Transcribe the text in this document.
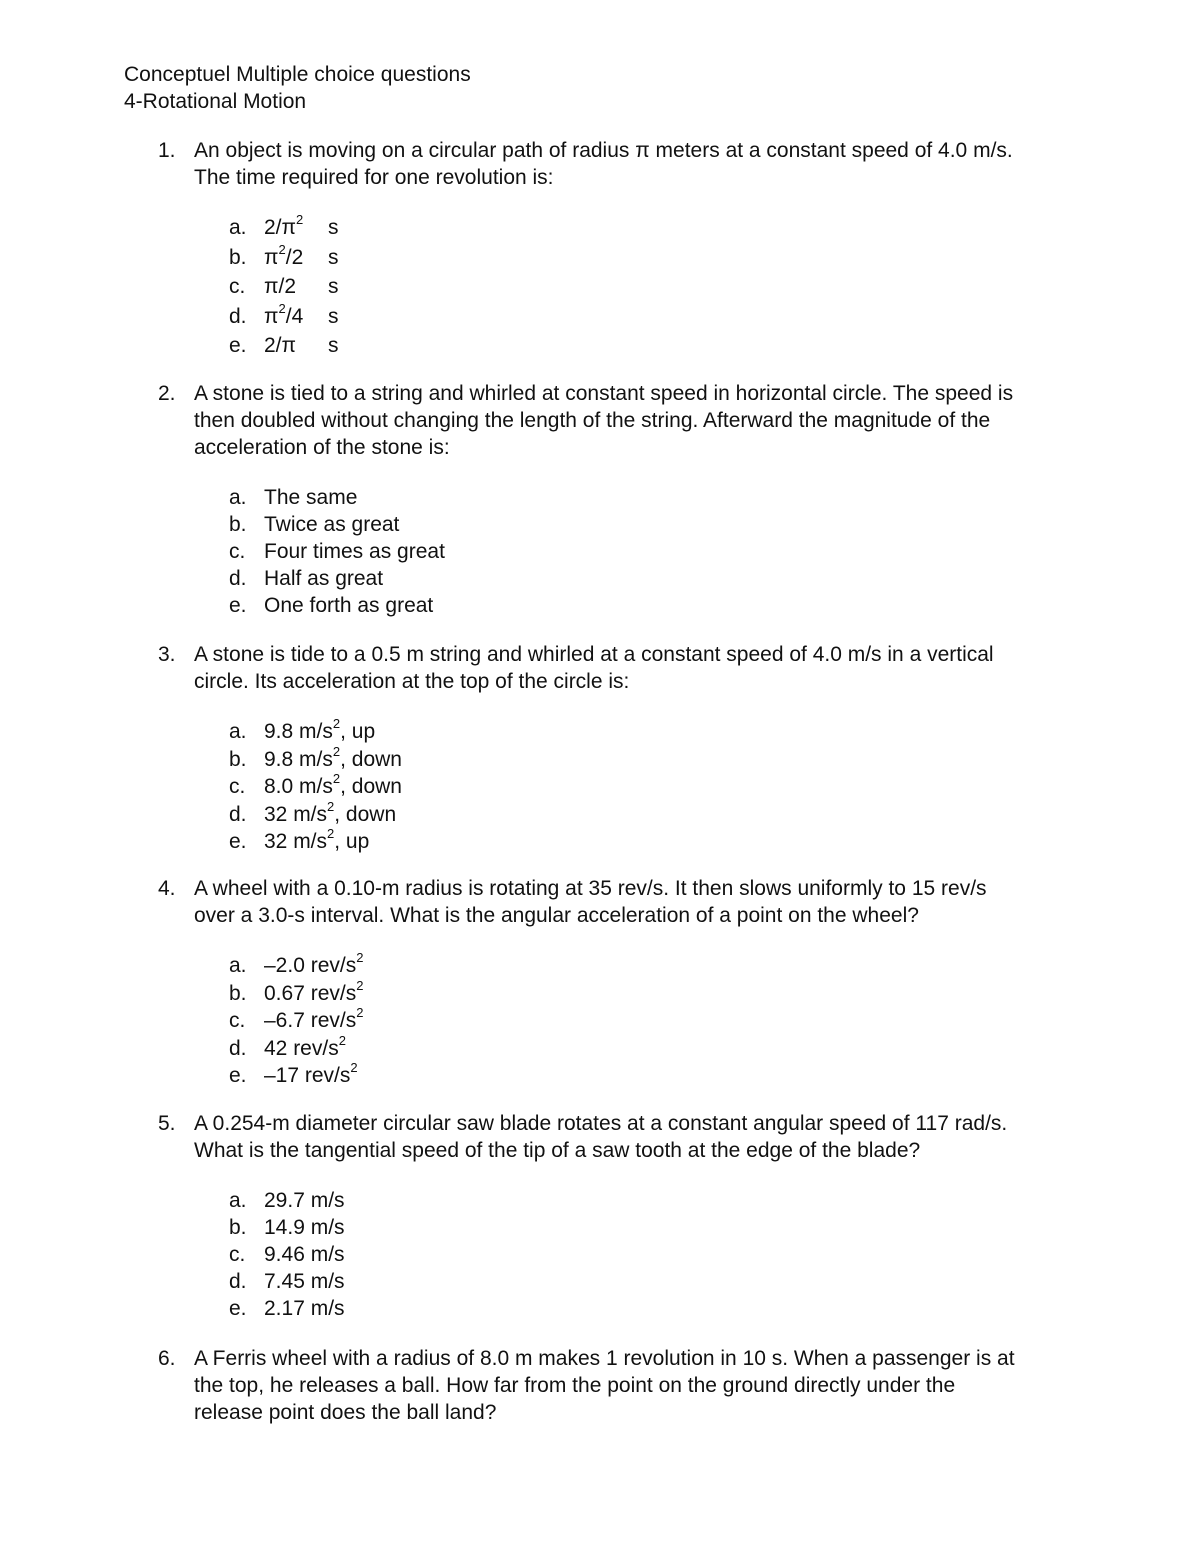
Conceptuel Multiple choice questions
4-Rotational Motion
1. An object is moving on a circular path of radius π meters at a constant speed of 4.0 m/s.
The time required for one revolution is:
a. $2/\pi^2$ s
b. $\pi^2/2$ s
c. π/2 s
d. $\pi^2/4$ s
e. 2/π s
2. A stone is tied to a string and whirled at constant speed in horizontal circle. The speed is
then doubled without changing the length of the string. Afterward the magnitude of the
acceleration of the stone is:
a. The same
b. Twice as great
c. Four times as great
d. Half as great
e. One forth as great
3. A stone is tide to a 0.5 m string and whirled at a constant speed of 4.0 m/s in a vertical
circle. Its acceleration at the top of the circle is:
a. 9.8 $m/s^2$, up
b. 9.8 $m/s^2$, down
c. 8.0 $m/s^2$, down
d. 32 $m/s^2$, down
e. 32 $m/s^2$, up
4. A wheel with a 0.10-m radius is rotating at 35 rev/s. It then slows uniformly to 15 rev/s
over a 3.0-s interval. What is the angular acceleration of a point on the wheel?
a. –2.0 rev/$s^2$
b. 0.67 rev/$s^2$
c. –6.7 rev/$s^2$
d. 42 rev/$s^2$
e. –17 rev/$s^2$
5. A 0.254-m diameter circular saw blade rotates at a constant angular speed of 117 rad/s.
What is the tangential speed of the tip of a saw tooth at the edge of the blade?
a. 29.7 m/s
b. 14.9 m/s
c. 9.46 m/s
d. 7.45 m/s
e. 2.17 m/s
6. A Ferris wheel with a radius of 8.0 m makes 1 revolution in 10 s. When a passenger is at
the top, he releases a ball. How far from the point on the ground directly under the
release point does the ball land?
